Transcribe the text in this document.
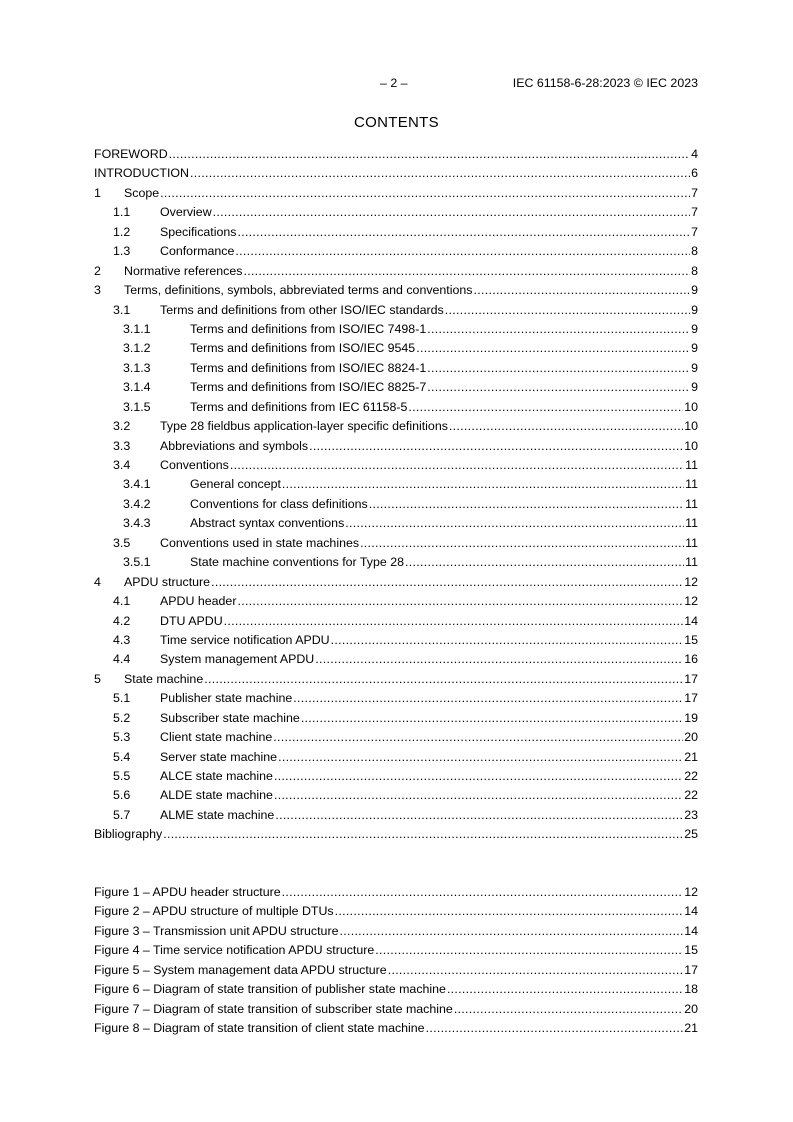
– 2 –	IEC 61158-6-28:2023 © IEC 2023
CONTENTS
FOREWORD .....	4
INTRODUCTION .....	6
1	Scope .....	7
1.1	Overview .....	7
1.2	Specifications .....	7
1.3	Conformance .....	8
2	Normative references .....	8
3	Terms, definitions, symbols, abbreviated terms and conventions .....	9
3.1	Terms and definitions from other ISO/IEC standards .....	9
3.1.1	Terms and definitions from ISO/IEC 7498-1 .....	9
3.1.2	Terms and definitions from ISO/IEC 9545 .....	9
3.1.3	Terms and definitions from ISO/IEC 8824-1 .....	9
3.1.4	Terms and definitions from ISO/IEC 8825-7 .....	9
3.1.5	Terms and definitions from IEC 61158-5 .....	10
3.2	Type 28 fieldbus application-layer specific definitions .....	10
3.3	Abbreviations and symbols .....	10
3.4	Conventions .....	11
3.4.1	General concept .....	11
3.4.2	Conventions for class definitions .....	11
3.4.3	Abstract syntax conventions .....	11
3.5	Conventions used in state machines .....	11
3.5.1	State machine conventions for Type 28 .....	11
4	APDU structure .....	12
4.1	APDU header .....	12
4.2	DTU APDU .....	14
4.3	Time service notification APDU .....	15
4.4	System management APDU .....	16
5	State machine .....	17
5.1	Publisher state machine .....	17
5.2	Subscriber state machine .....	19
5.3	Client state machine .....	20
5.4	Server state machine .....	21
5.5	ALCE state machine .....	22
5.6	ALDE state machine .....	22
5.7	ALME state machine .....	23
Bibliography .....	25
Figure 1 – APDU header structure .....	12
Figure 2 – APDU structure of multiple DTUs .....	14
Figure 3 – Transmission unit APDU structure .....	14
Figure 4 – Time service notification APDU structure .....	15
Figure 5 – System management data APDU structure .....	17
Figure 6 – Diagram of state transition of publisher state machine .....	18
Figure 7 – Diagram of state transition of subscriber state machine .....	20
Figure 8 – Diagram of state transition of client state machine .....	21
